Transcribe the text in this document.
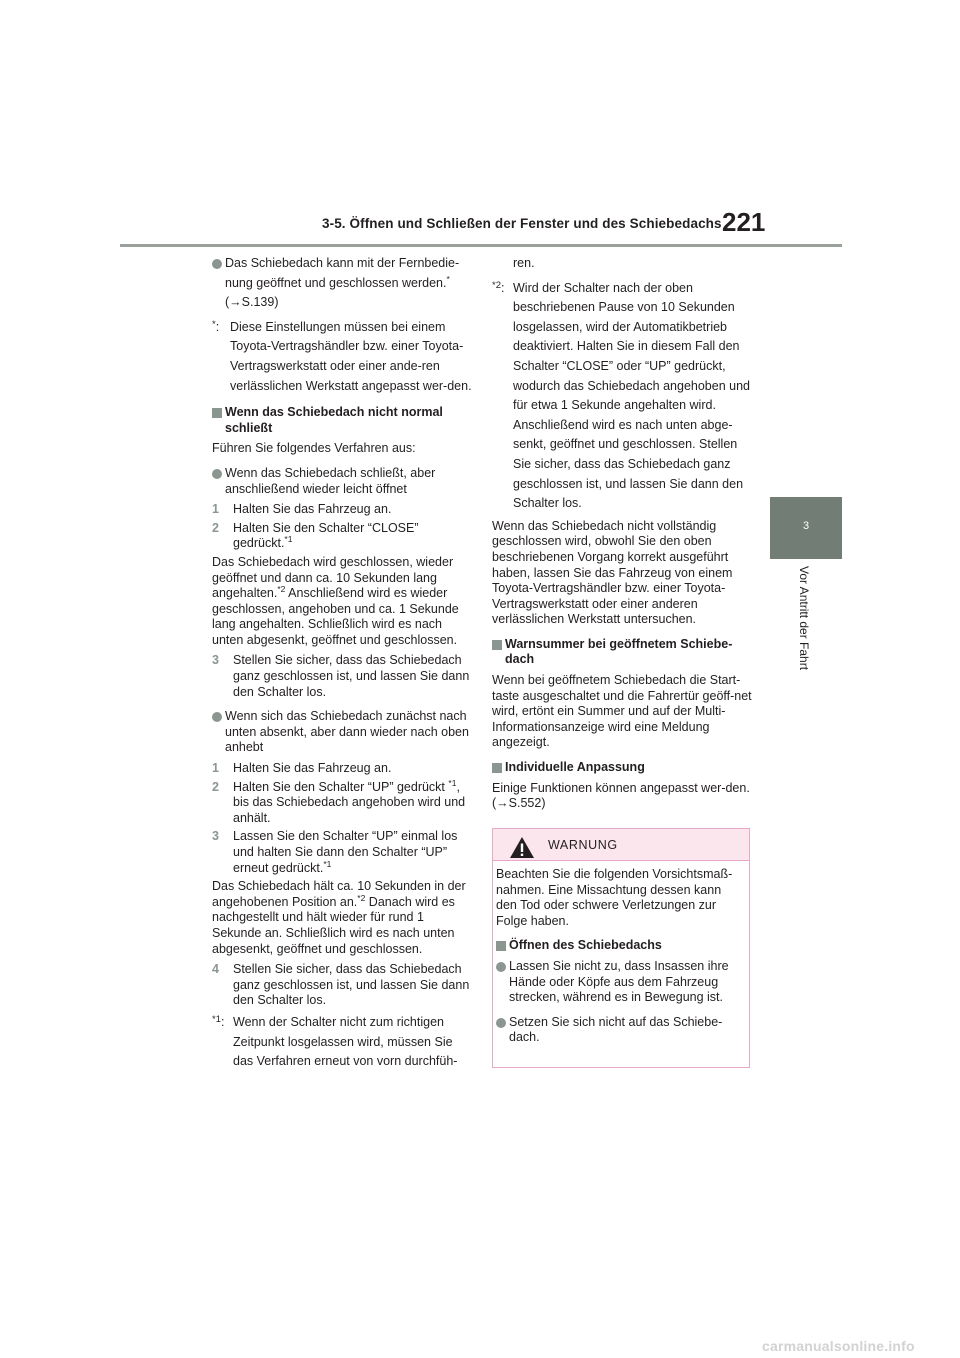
3-5. Öffnen und Schließen der Fenster und des Schiebedachs 221
3
Vor Antritt der Fahrt
Das Schiebedach kann mit der Fernbedie-nung geöffnet und geschlossen werden.*
(→S.139)
* : Diese Einstellungen müssen bei einem Toyota-Vertragshändler bzw. einer Toyota-Vertragswerkstatt oder einer ande-ren verlässlichen Werkstatt angepasst wer-den.
Wenn das Schiebedach nicht normal schließt
Führen Sie folgendes Verfahren aus:
Wenn das Schiebedach schließt, aber anschließend wieder leicht öffnet
1 Halten Sie das Fahrzeug an.
2 Halten Sie den Schalter “CLOSE” gedrückt.$^{*1}$
Das Schiebedach wird geschlossen, wieder geöffnet und dann ca. 10 Sekunden lang angehalten.$^{*2}$ Anschließend wird es wieder geschlossen, angehoben und ca. 1 Sekunde lang angehalten. Schließlich wird es nach unten abgesenkt, geöffnet und geschlossen.
3 Stellen Sie sicher, dass das Schiebedach ganz geschlossen ist, und lassen Sie dann den Schalter los.
Wenn sich das Schiebedach zunächst nach unten absenkt, aber dann wieder nach oben anhebt
1 Halten Sie das Fahrzeug an.
2 Halten Sie den Schalter “UP” gedrückt $^{*1}$, bis das Schiebedach angehoben wird und anhält.
3 Lassen Sie den Schalter “UP” einmal los und halten Sie dann den Schalter “UP” erneut gedrückt.$^{*1}$
Das Schiebedach hält ca. 10 Sekunden in der angehobenen Position an.$^{*2}$ Danach wird es nachgestellt und hält wieder für rund 1 Sekunde an. Schließlich wird es nach unten abgesenkt, geöffnet und geschlossen.
4 Stellen Sie sicher, dass das Schiebedach ganz geschlossen ist, und lassen Sie dann den Schalter los.
*1 : Wenn der Schalter nicht zum richtigen Zeitpunkt losgelassen wird, müssen Sie das Verfahren erneut von vorn durchfüh-
ren.
*2 : Wird der Schalter nach der oben beschriebenen Pause von 10 Sekunden losgelassen, wird der Automatikbetrieb deaktiviert. Halten Sie in diesem Fall den Schalter “CLOSE” oder “UP” gedrückt, wodurch das Schiebedach angehoben und für etwa 1 Sekunde angehalten wird. Anschließend wird es nach unten abge-senkt, geöffnet und geschlossen. Stellen Sie sicher, dass das Schiebedach ganz geschlossen ist, und lassen Sie dann den Schalter los.
Wenn das Schiebedach nicht vollständig geschlossen wird, obwohl Sie den oben beschriebenen Vorgang korrekt ausgeführt haben, lassen Sie das Fahrzeug von einem Toyota-Vertragshändler bzw. einer Toyota-Vertragswerkstatt oder einer anderen verlässlichen Werkstatt untersuchen.
Warnsummer bei geöffnetem Schiebe-dach
Wenn bei geöffnetem Schiebedach die Start-taste ausgeschaltet und die Fahrertür geöff-net wird, ertönt ein Summer und auf der Multi-Informationsanzeige wird eine Meldung angezeigt.
Individuelle Anpassung
Einige Funktionen können angepasst wer-den. (→S.552)
WARNUNG
Beachten Sie die folgenden Vorsichtsmaß-nahmen. Eine Missachtung dessen kann den Tod oder schwere Verletzungen zur Folge haben.
Öffnen des Schiebedachs
Lassen Sie nicht zu, dass Insassen ihre Hände oder Köpfe aus dem Fahrzeug strecken, während es in Bewegung ist.
Setzen Sie sich nicht auf das Schiebe-dach.
carmanualsonline.info
